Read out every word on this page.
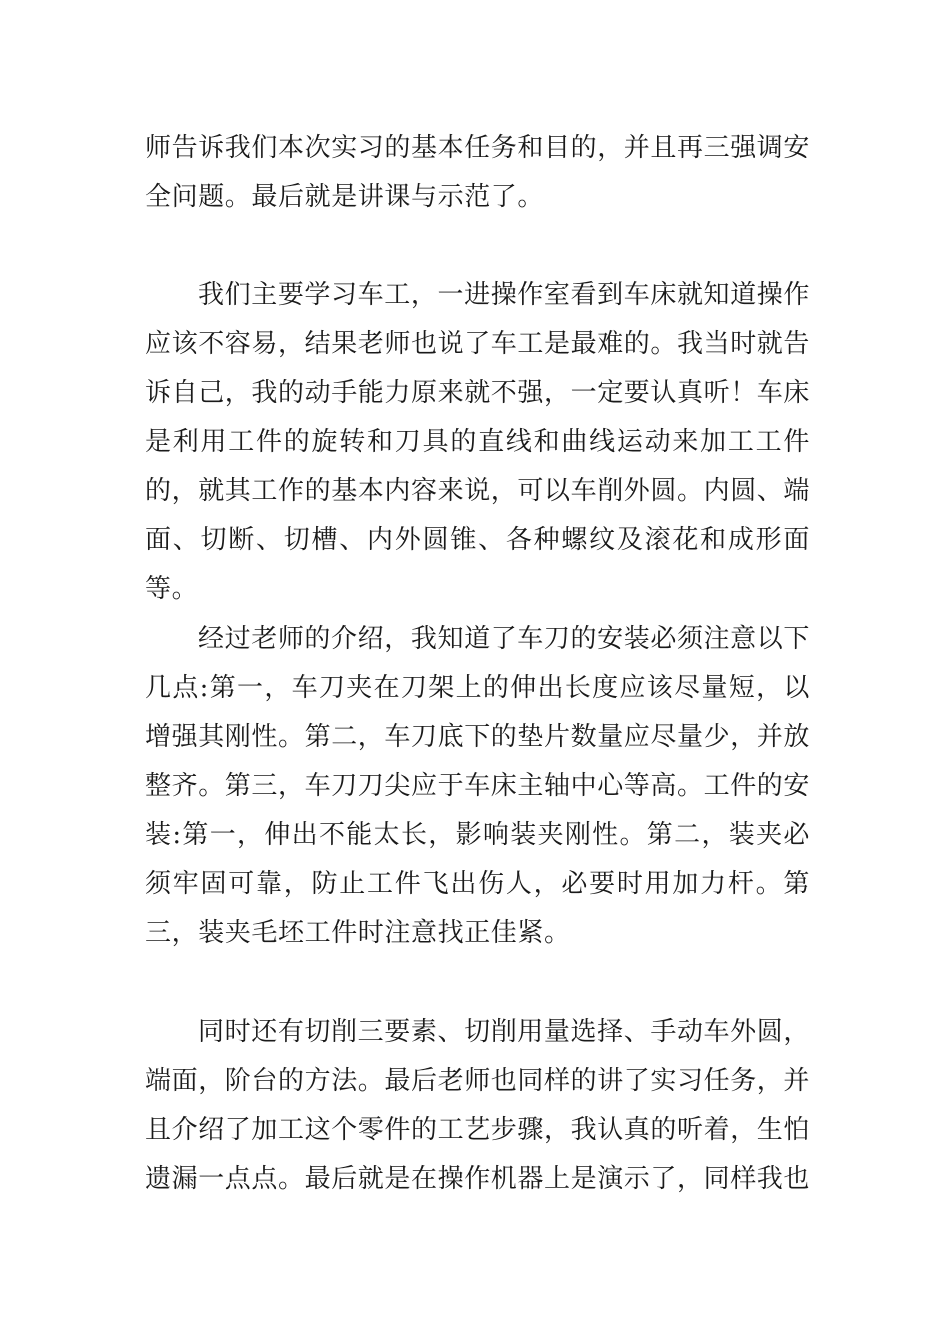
师告诉我们本次实习的基本任务和目的，并且再三强调安全问题。最后就是讲课与示范了。

我们主要学习车工，一进操作室看到车床就知道操作应该不容易，结果老师也说了车工是最难的。我当时就告诉自己，我的动手能力原来就不强，一定要认真听！车床是利用工件的旋转和刀具的直线和曲线运动来加工工件的，就其工作的基本内容来说，可以车削外圆。内圆、端面、切断、切槽、内外圆锥、各种螺纹及滚花和成形面等。

经过老师的介绍，我知道了车刀的安装必须注意以下几点:第一，车刀夹在刀架上的伸出长度应该尽量短，以增强其刚性。第二，车刀底下的垫片数量应尽量少，并放整齐。第三，车刀刀尖应于车床主轴中心等高。工件的安装:第一，伸出不能太长，影响装夹刚性。第二，装夹必须牢固可靠，防止工件飞出伤人，必要时用加力杆。第三，装夹毛坯工件时注意找正佳紧。

同时还有切削三要素、切削用量选择、手动车外圆，端面，阶台的方法。最后老师也同样的讲了实习任务，并且介绍了加工这个零件的工艺步骤，我认真的听着，生怕遗漏一点点。最后就是在操作机器上是演示了，同样我也
